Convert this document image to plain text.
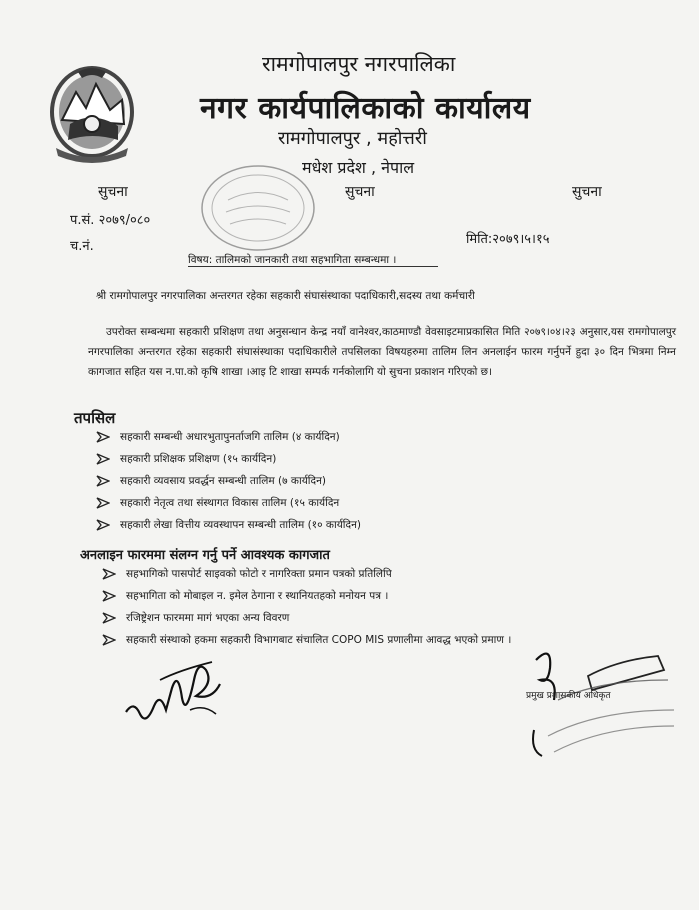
रामगोपालपुर नगरपालिका
नगर कार्यपालिकाको कार्यालय
रामगोपालपुर , महोत्तरी
मधेश प्रदेश , नेपाल
सुचना	सुचना	सुचना
प.सं. २०७९/०८०
च.नं.	मिति:२०७९।५।१५
विषय: तालिमको जानकारी तथा सहभागिता सम्बन्धमा ।
श्री रामगोपालपुर नगरपालिका अन्तरगत रहेका सहकारी संघासंस्थाका पदाधिकारी,सदस्य तथा कर्मचारी
उपरोक्त सम्बन्धमा सहकारी प्रशिक्षण तथा अनुसन्धान केन्द्र नयाँ वानेश्वर,काठमाण्डौ वेवसाइटमाप्रकासित मिति २०७९।०४।२३ अनुसार,यस रामगोपालपुर नगरपालिका अन्तरगत रहेका सहकारी संघासंस्थाका पदाधिकारीले तपसिलका विषयहरुमा तालिम लिन अनलाईन फारम गर्नुपर्ने हुदा ३० दिन भित्रमा निम्न कागजात सहित यस न.पा.को कृषि शाखा ।आइ टि शाखा सम्पर्क गर्नकोलागि यो सुचना प्रकाशन गरिएको छ।
तपसिल
सहकारी सम्बन्धी अधारभुतापुनर्ताजगि तालिम (४ कार्यदिन)
सहकारी प्रशिक्षक प्रशिक्षण (१५ कार्यदिन)
सहकारी व्यवसाय प्रवर्द्धन सम्बन्धी तालिम (७ कार्यदिन)
सहकारी नेतृत्व तथा संस्थागत विकास तालिम (१५ कार्यदिन
सहकारी लेखा वित्तीय व्यवस्थापन सम्बन्धी तालिम (१० कार्यदिन)
अनलाइन फारममा संलग्न गर्नु पर्ने आवश्यक कागजात
सहभागिको पासपोर्ट साइवको फोटो र नागरिक्ता प्रमान पत्रको प्रतिलिपि
सहभागिता को मोबाइल न. इमेल ठेगाना र स्थानियतहको मनोयन पत्र ।
रजिष्ट्रेशन फारममा मागं भएका अन्य विवरण
सहकारी संस्थाको हकमा सहकारी विभागबाट संचालित COPO MIS प्रणालीमा आवद्ध भएको प्रमाण ।
प्रमुख प्रशासकीय अधिकृत
